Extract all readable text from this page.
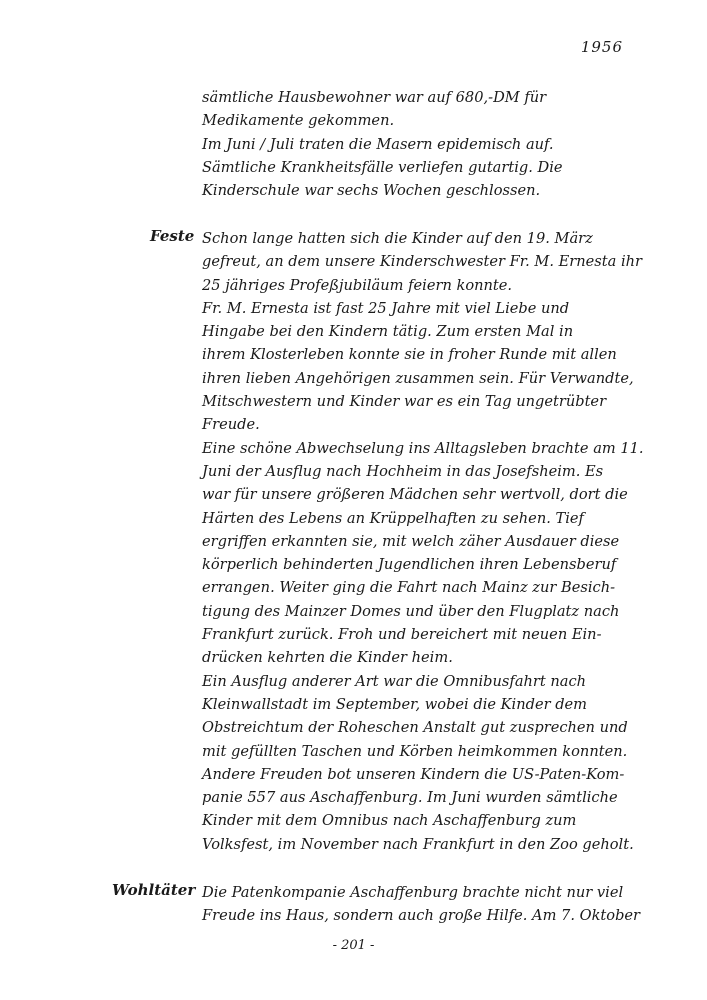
1956
sämtliche Hausbewohner war auf 680,-DM für
Medikamente gekommen.
Im Juni / Juli traten die Masern epidemisch auf.
Sämtliche Krankheitsfälle verliefen gutartig. Die
Kinderschule war sechs Wochen geschlossen.
Feste Schon lange hatten sich die Kinder auf den 19. März
gefreut, an dem unsere Kinderschwester Fr. M. Ernesta ihr
25 jähriges Profeßjubiläum feiern konnte.
Fr. M. Ernesta ist fast 25 Jahre mit viel Liebe und
Hingabe bei den Kindern tätig. Zum ersten Mal in
ihrem Klosterleben konnte sie in froher Runde mit allen
ihren lieben Angehörigen zusammen sein. Für Verwandte,
Mitschwestern und Kinder war es ein Tag ungetrübter
Freude.
Eine schöne Abwechselung ins Alltagsleben brachte am 11.
Juni der Ausflug nach Hochheim in das Josefsheim. Es
war für unsere größeren Mädchen sehr wertvoll, dort die
Härten des Lebens an Krüppelhaften zu sehen. Tief
ergriffen erkannten sie, mit welch zäher Ausdauer diese
körperlich behinderten Jugendlichen ihren Lebensberuf
errangen. Weiter ging die Fahrt nach Mainz zur Besich-
tigung des Mainzer Domes und über den Flugplatz nach
Frankfurt zurück. Froh und bereichert mit neuen Ein-
drücken kehrten die Kinder heim.
Ein Ausflug anderer Art war die Omnibusfahrt nach
Kleinwallstadt im September, wobei die Kinder dem
Obstreichtum der Roheschen Anstalt gut zusprechen und
mit gefüllten Taschen und Körben heimkommen konnten.
Andere Freuden bot unseren Kindern die US-Paten-Kom-
panie 557 aus Aschaffenburg. Im Juni wurden sämtliche
Kinder mit dem Omnibus nach Aschaffenburg zum
Volksfest, im November nach Frankfurt in den Zoo geholt.
Wohltäter Die Patenkompanie Aschaffenburg brachte nicht nur viel
Freude ins Haus, sondern auch große Hilfe. Am 7. Oktober
- 201 -
